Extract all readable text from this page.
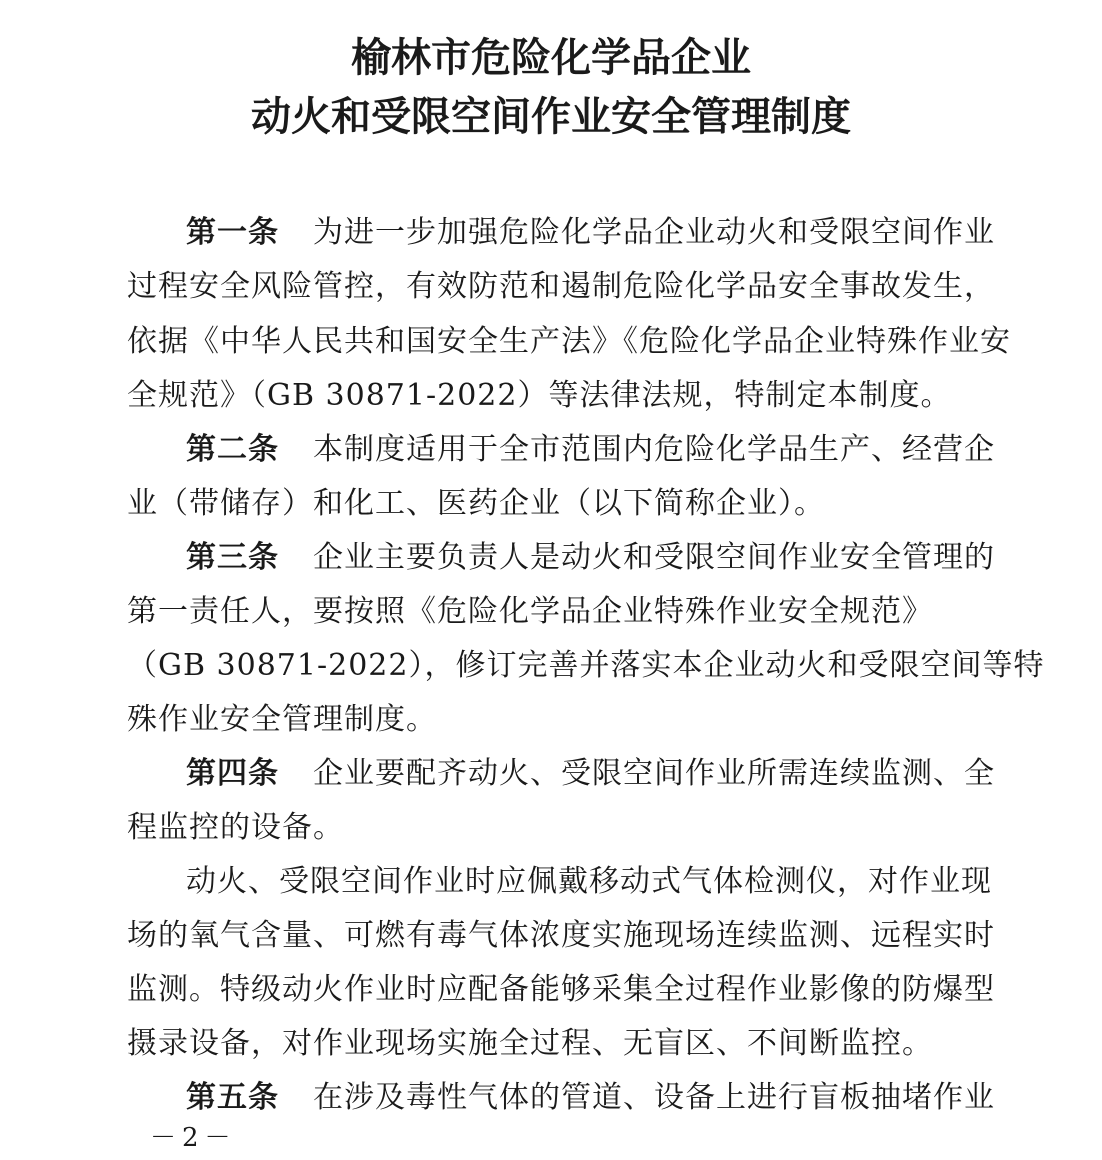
榆林市危险化学品企业
动火和受限空间作业安全管理制度
第一条 为进一步加强危险化学品企业动火和受限空间作业
过程安全风险管控，有效防范和遏制危险化学品安全事故发生，
依据《中华人民共和国安全生产法》《危险化学品企业特殊作业安
全规范》（GB 30871-2022）等法律法规，特制定本制度。
第二条 本制度适用于全市范围内危险化学品生产、经营企
业（带储存）和化工、医药企业（以下简称企业）。
第三条 企业主要负责人是动火和受限空间作业安全管理的
第一责任人，要按照《危险化学品企业特殊作业安全规范》
（GB 30871-2022），修订完善并落实本企业动火和受限空间等特
殊作业安全管理制度。
第四条 企业要配齐动火、受限空间作业所需连续监测、全
程监控的设备。
动火、受限空间作业时应佩戴移动式气体检测仪，对作业现
场的氧气含量、可燃有毒气体浓度实施现场连续监测、远程实时
监测。特级动火作业时应配备能够采集全过程作业影像的防爆型
摄录设备，对作业现场实施全过程、无盲区、不间断监控。
第五条 在涉及毒性气体的管道、设备上进行盲板抽堵作业
－2－
